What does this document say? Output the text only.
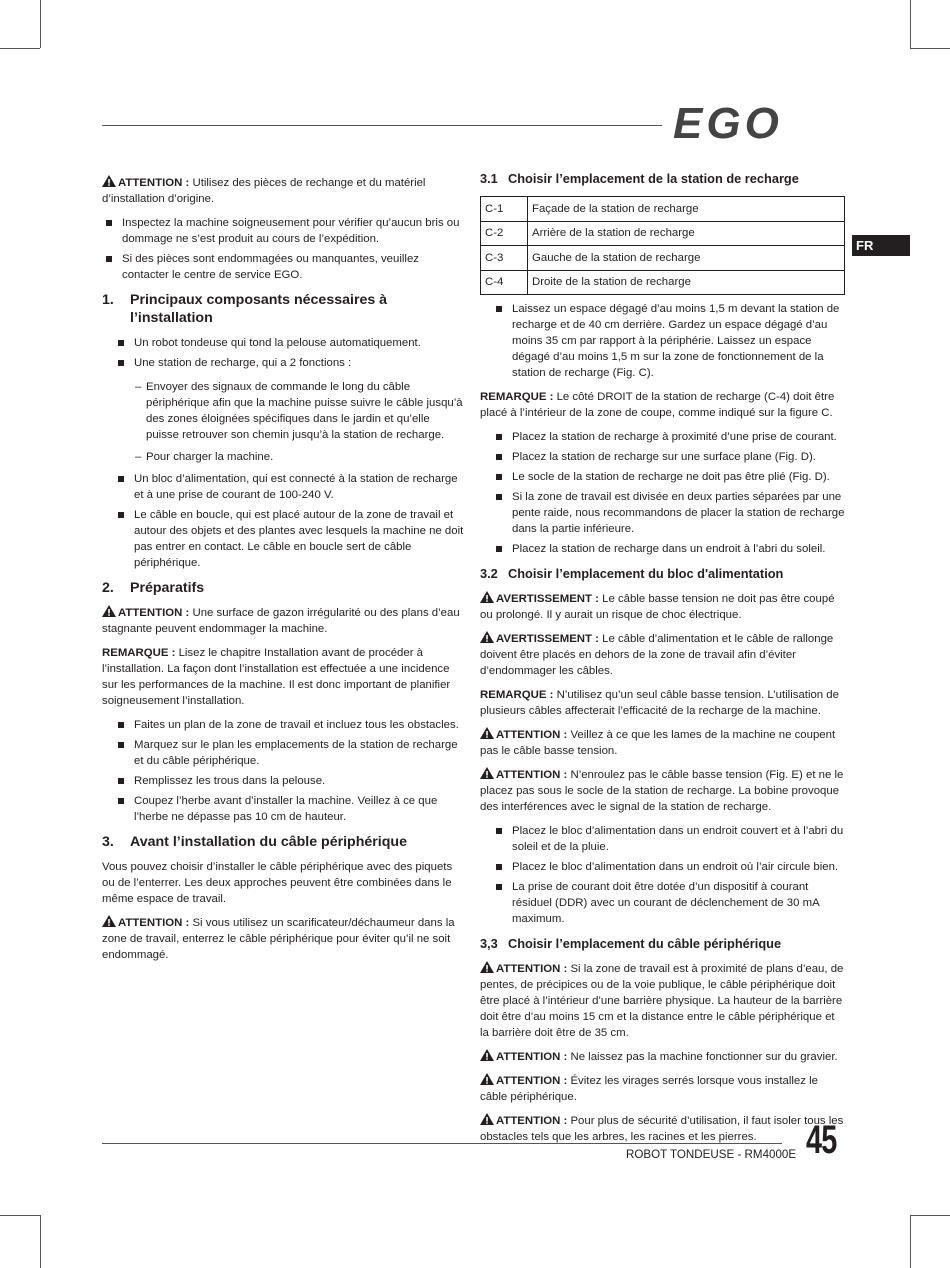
EGO
FR

ATTENTION : Utilisez des pièces de rechange et du matériel d’installation d’origine.

Inspectez la machine soigneusement pour vérifier qu’aucun bris ou dommage ne s’est produit au cours de l’expédition.
Si des pièces sont endommagées ou manquantes, veuillez contacter le centre de service EGO.
1.	Principaux composants nécessaires à l’installation
Un robot tondeuse qui tond la pelouse automatiquement.
Une station de recharge, qui a 2 fonctions :
– Envoyer des signaux de commande le long du câble périphérique afin que la machine puisse suivre le câble jusqu’à des zones éloignées spécifiques dans le jardin et qu’elle puisse retrouver son chemin jusqu’à la station de recharge.
– Pour charger la machine.
Un bloc d’alimentation, qui est connecté à la station de recharge et à une prise de courant de 100-240 V.
Le câble en boucle, qui est placé autour de la zone de travail et autour des objets et des plantes avec lesquels la machine ne doit pas entrer en contact. Le câble en boucle sert de câble périphérique.
2.	Préparatifs

ATTENTION : Une surface de gazon irrégularité ou des plans d’eau stagnante peuvent endommager la machine.

REMARQUE : Lisez le chapitre Installation avant de procéder à l’installation. La façon dont l’installation est effectuée a une incidence sur les performances de la machine. Il est donc important de planifier soigneusement l’installation.

Faites un plan de la zone de travail et incluez tous les obstacles.
Marquez sur le plan les emplacements de la station de recharge et du câble périphérique.
Remplissez les trous dans la pelouse.
Coupez l’herbe avant d’installer la machine. Veillez à ce que l’herbe ne dépasse pas 10 cm de hauteur.
3.	Avant l’installation du câble périphérique

Vous pouvez choisir d’installer le câble périphérique avec des piquets ou de l’enterrer. Les deux approches peuvent être combinées dans le même espace de travail.

ATTENTION : Si vous utilisez un scarificateur/déchaumeur dans la zone de travail, enterrez le câble périphérique pour éviter qu’il ne soit endommagé.

3.1 Choisir l’emplacement de la station de recharge
C-1	Façade de la station de recharge
C-2	Arrière de la station de recharge
C-3	Gauche de la station de recharge
C-4	Droite de la station de recharge
Laissez un espace dégagé d’au moins 1,5 m devant la station de recharge et de 40 cm derrière. Gardez un espace dégagé d’au moins 35 cm par rapport à la périphérie. Laissez un espace dégagé d’au moins 1,5 m sur la zone de fonctionnement de la station de recharge (Fig. C).

REMARQUE : Le côté DROIT de la station de recharge (C-4) doit être placé à l’intérieur de la zone de coupe, comme indiqué sur la figure C.

Placez la station de recharge à proximité d’une prise de courant.
Placez la station de recharge sur une surface plane (Fig. D).
Le socle de la station de recharge ne doit pas être plié (Fig. D).
Si la zone de travail est divisée en deux parties séparées par une pente raide, nous recommandons de placer la station de recharge dans la partie inférieure.
Placez la station de recharge dans un endroit à l’abri du soleil.
3.2 Choisir l’emplacement du bloc d'alimentation

AVERTISSEMENT : Le câble basse tension ne doit pas être coupé ou prolongé. Il y aurait un risque de choc électrique.

AVERTISSEMENT : Le câble d’alimentation et le câble de rallonge doivent être placés en dehors de la zone de travail afin d’éviter d’endommager les câbles.

REMARQUE : N’utilisez qu’un seul câble basse tension. L’utilisation de plusieurs câbles affecterait l’efficacité de la recharge de la machine.

ATTENTION : Veillez à ce que les lames de la machine ne coupent pas le câble basse tension.

ATTENTION : N’enroulez pas le câble basse tension (Fig. E) et ne le placez pas sous le socle de la station de recharge. La bobine provoque des interférences avec le signal de la station de recharge.

Placez le bloc d’alimentation dans un endroit couvert et à l’abri du soleil et de la pluie.
Placez le bloc d’alimentation dans un endroit où l’air circule bien.
La prise de courant doit être dotée d’un dispositif à courant résiduel (DDR) avec un courant de déclenchement de 30 mA maximum.
3,3 Choisir l’emplacement du câble périphérique

ATTENTION : Si la zone de travail est à proximité de plans d’eau, de pentes, de précipices ou de la voie publique, le câble périphérique doit être placé à l’intérieur d’une barrière physique. La hauteur de la barrière doit être d’au moins 15 cm et la distance entre le câble périphérique et la barrière doit être de 35 cm.

ATTENTION : Ne laissez pas la machine fonctionner sur du gravier.

ATTENTION : Évitez les virages serrés lorsque vous installez le câble périphérique.

ATTENTION : Pour plus de sécurité d’utilisation, il faut isoler tous les obstacles tels que les arbres, les racines et les pierres.

ROBOT TONDEUSE - RM4000E 45
